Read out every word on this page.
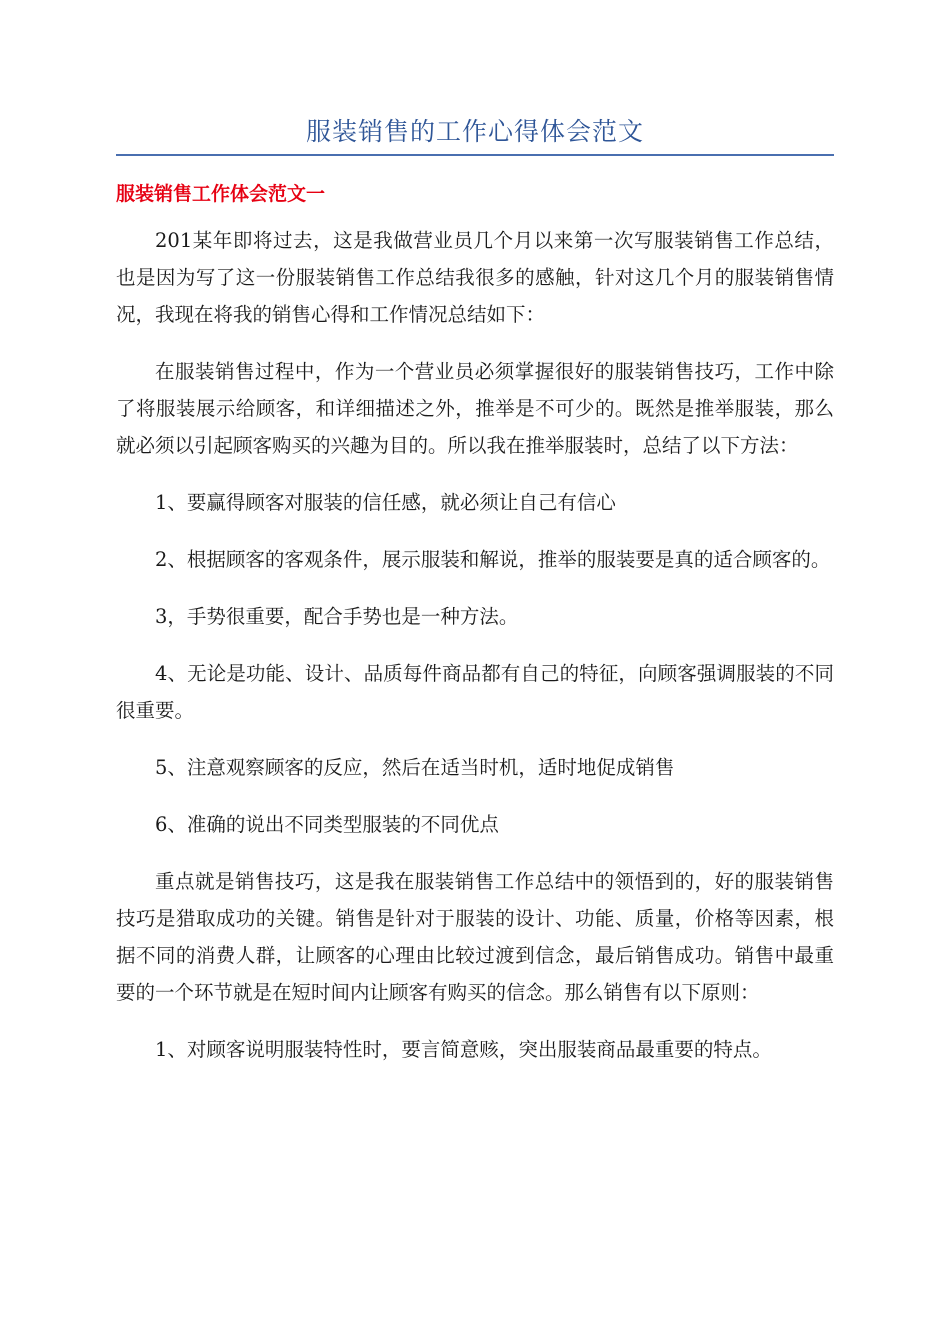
服装销售的工作心得体会范文
服装销售工作体会范文一

201某年即将过去，这是我做营业员几个月以来第一次写服装销售工作总结，也是因为写了这一份服装销售工作总结我很多的感触，针对这几个月的服装销售情况，我现在将我的销售心得和工作情况总结如下：

在服装销售过程中，作为一个营业员必须掌握很好的服装销售技巧，工作中除了将服装展示给顾客，和详细描述之外，推举是不可少的。既然是推举服装，那么就必须以引起顾客购买的兴趣为目的。所以我在推举服装时，总结了以下方法：

1、要赢得顾客对服装的信任感，就必须让自己有信心

2、根据顾客的客观条件，展示服装和解说，推举的服装要是真的适合顾客的。

3，手势很重要，配合手势也是一种方法。

4、无论是功能、设计、品质每件商品都有自己的特征，向顾客强调服装的不同很重要。

5、注意观察顾客的反应，然后在适当时机，适时地促成销售

6、准确的说出不同类型服装的不同优点

重点就是销售技巧，这是我在服装销售工作总结中的领悟到的，好的服装销售技巧是猎取成功的关键。销售是针对于服装的设计、功能、质量，价格等因素，根据不同的消费人群，让顾客的心理由比较过渡到信念，最后销售成功。销售中最重要的一个环节就是在短时间内让顾客有购买的信念。那么销售有以下原则：

1、对顾客说明服装特性时，要言简意赅，突出服装商品最重要的特点。
